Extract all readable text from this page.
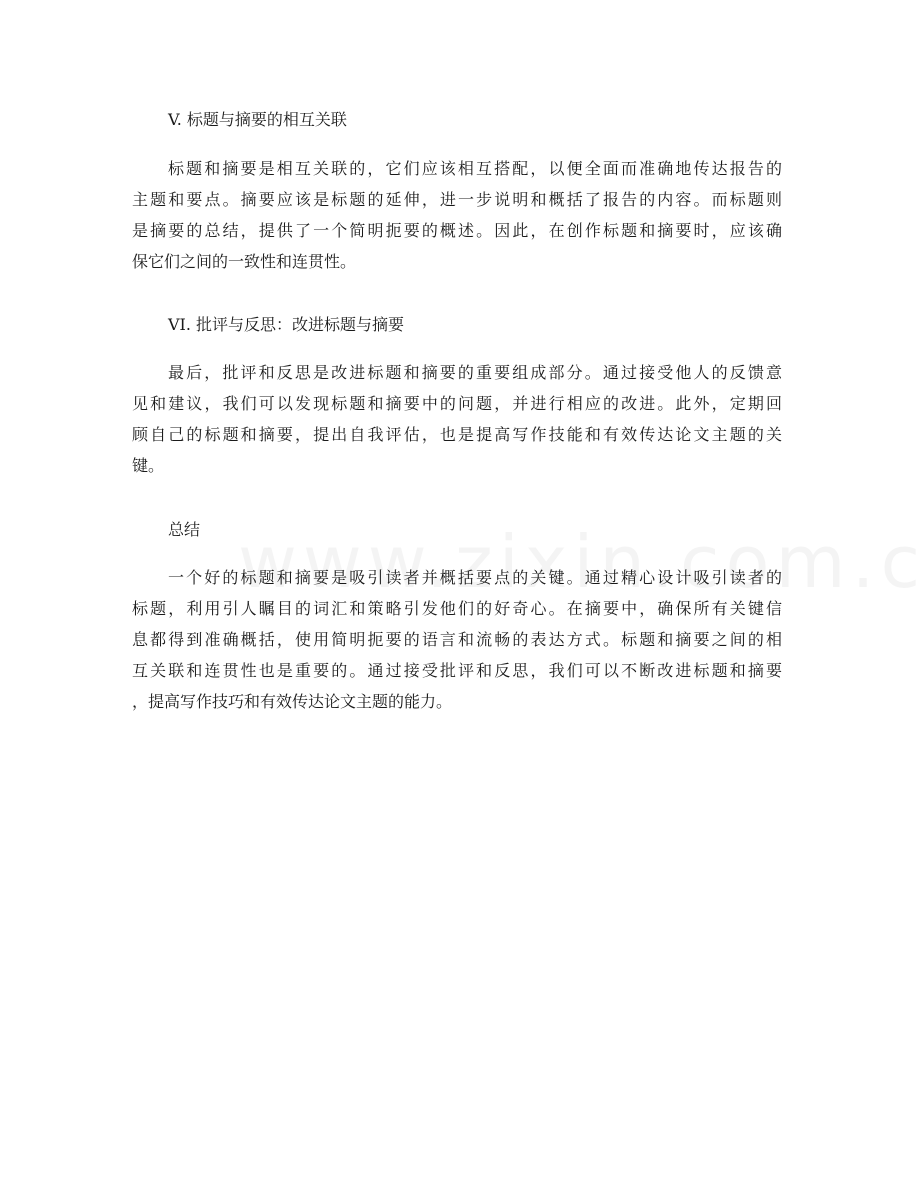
V. 标题与摘要的相互关联
标题和摘要是相互关联的，它们应该相互搭配，以便全面而准确地传达报告的
主题和要点。摘要应该是标题的延伸，进一步说明和概括了报告的内容。而标题则
是摘要的总结，提供了一个简明扼要的概述。因此，在创作标题和摘要时，应该确
保它们之间的一致性和连贯性。
VI. 批评与反思：改进标题与摘要
最后，批评和反思是改进标题和摘要的重要组成部分。通过接受他人的反馈意
见和建议，我们可以发现标题和摘要中的问题，并进行相应的改进。此外，定期回
顾自己的标题和摘要，提出自我评估，也是提高写作技能和有效传达论文主题的关
键。
总结
一个好的标题和摘要是吸引读者并概括要点的关键。通过精心设计吸引读者的
标题，利用引人瞩目的词汇和策略引发他们的好奇心。在摘要中，确保所有关键信
息都得到准确概括，使用简明扼要的语言和流畅的表达方式。标题和摘要之间的相
互关联和连贯性也是重要的。通过接受批评和反思，我们可以不断改进标题和摘要
，提高写作技巧和有效传达论文主题的能力。
